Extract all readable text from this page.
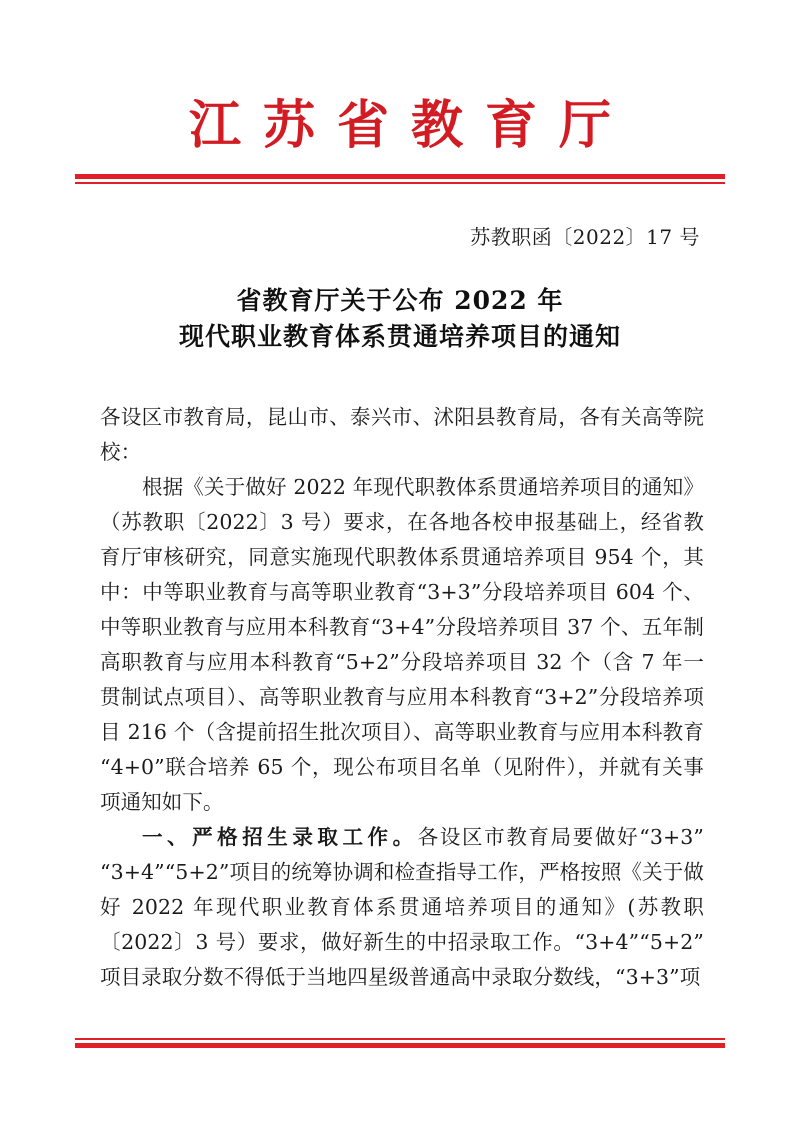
江苏省教育厅
苏教职函〔2022〕17 号
省教育厅关于公布 2022 年
现代职业教育体系贯通培养项目的通知

各设区市教育局，昆山市、泰兴市、沭阳县教育局，各有关高等院校：

根据《关于做好 2022 年现代职教体系贯通培养项目的通知》（苏教职〔2022〕3 号）要求，在各地各校申报基础上，经省教育厅审核研究，同意实施现代职教体系贯通培养项目 954 个，其中：中等职业教育与高等职业教育“3+3”分段培养项目 604 个、中等职业教育与应用本科教育“3+4”分段培养项目 37 个、五年制高职教育与应用本科教育“5+2”分段培养项目 32 个（含 7 年一贯制试点项目）、高等职业教育与应用本科教育“3+2”分段培养项目 216 个（含提前招生批次项目）、高等职业教育与应用本科教育“4+0”联合培养 65 个，现公布项目名单（见附件），并就有关事项通知如下。

一、严格招生录取工作。各设区市教育局要做好“3+3”“3+4”“5+2”项目的统筹协调和检查指导工作，严格按照《关于做好 2022 年现代职业教育体系贯通培养项目的通知》(苏教职〔2022〕3 号）要求，做好新生的中招录取工作。“3+4”“5+2”项目录取分数不得低于当地四星级普通高中录取分数线，“3+3”项
